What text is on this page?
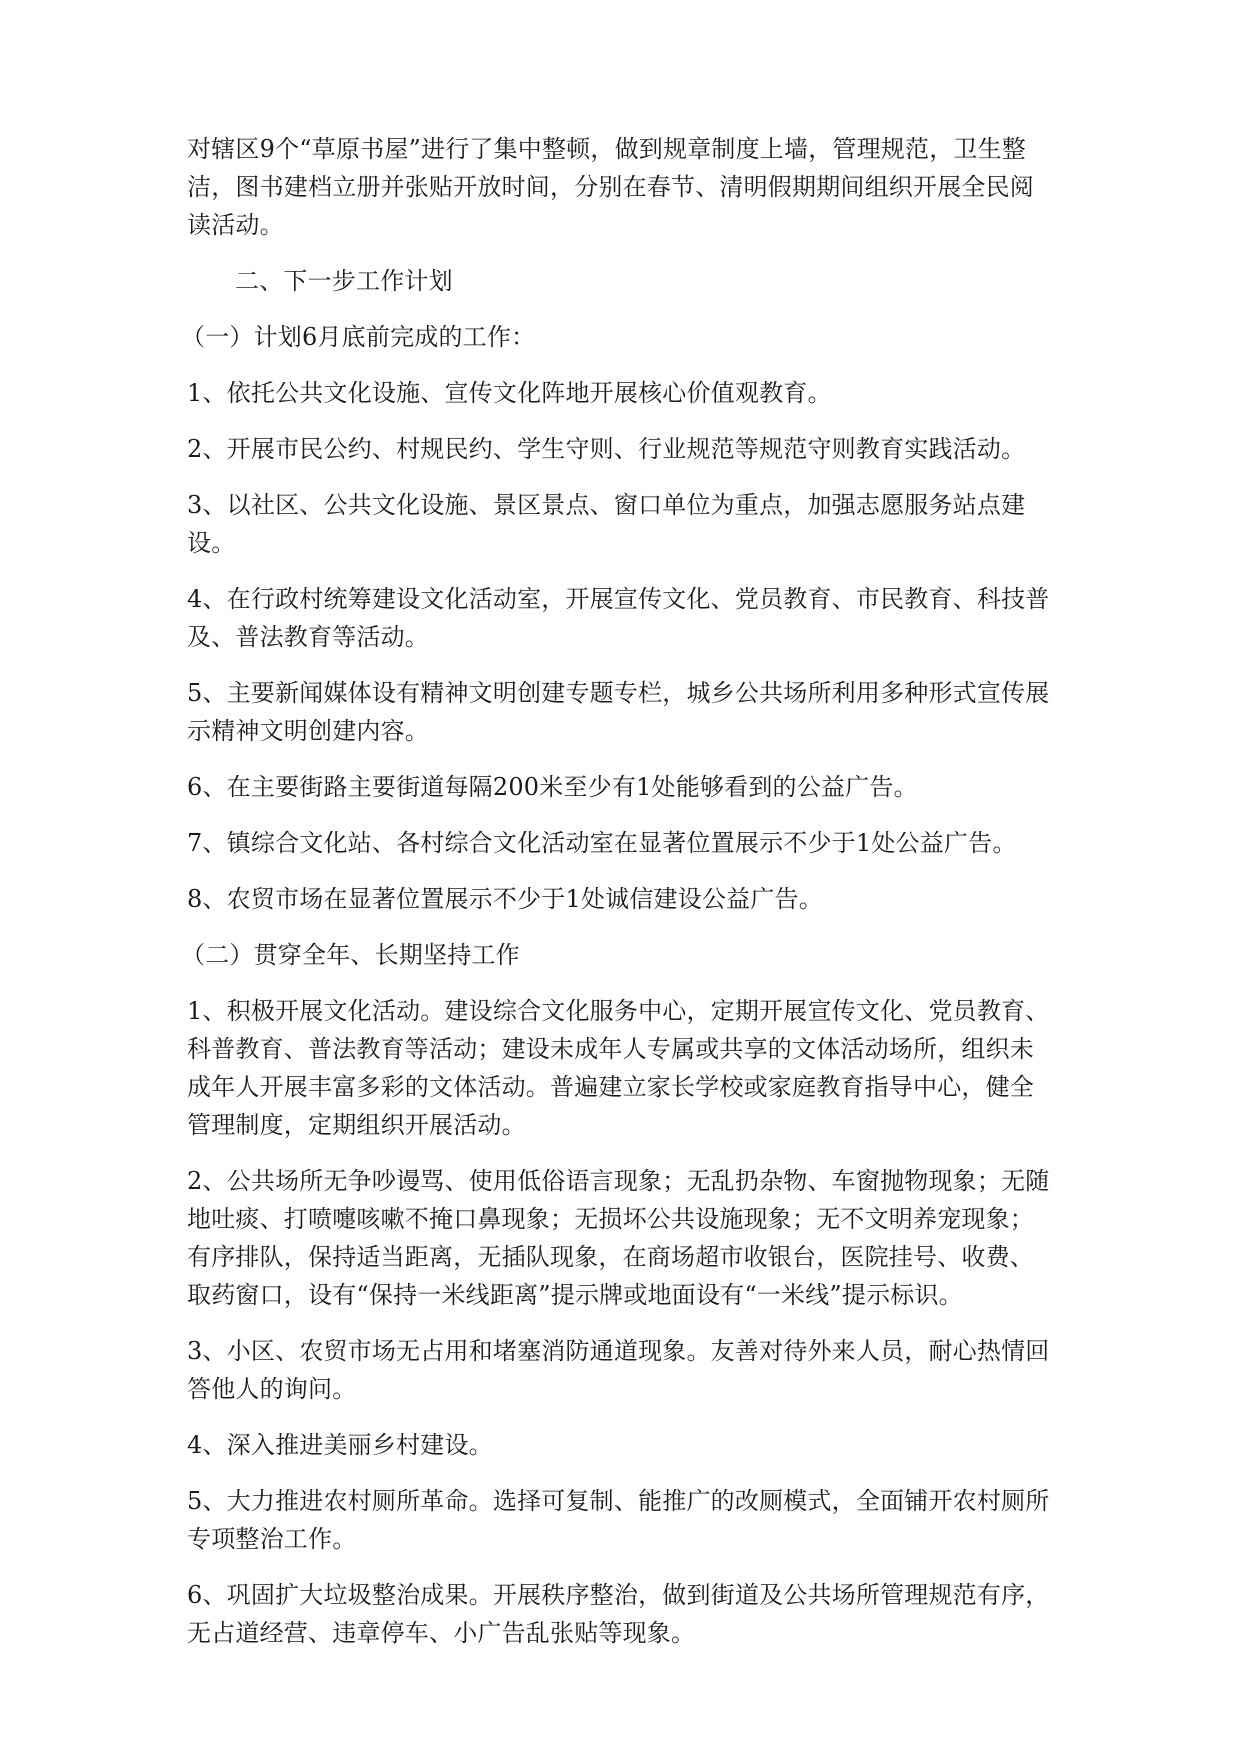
对辖区9个“草原书屋”进行了集中整顿，做到规章制度上墙，管理规范，卫生整洁，图书建档立册并张贴开放时间，分别在春节、清明假期期间组织开展全民阅读活动。

二、下一步工作计划

（一）计划6月底前完成的工作：

1、依托公共文化设施、宣传文化阵地开展核心价值观教育。

2、开展市民公约、村规民约、学生守则、行业规范等规范守则教育实践活动。

3、以社区、公共文化设施、景区景点、窗口单位为重点，加强志愿服务站点建设。

4、在行政村统筹建设文化活动室，开展宣传文化、党员教育、市民教育、科技普及、普法教育等活动。

5、主要新闻媒体设有精神文明创建专题专栏，城乡公共场所利用多种形式宣传展示精神文明创建内容。

6、在主要街路主要街道每隔200米至少有1处能够看到的公益广告。

7、镇综合文化站、各村综合文化活动室在显著位置展示不少于1处公益广告。

8、农贸市场在显著位置展示不少于1处诚信建设公益广告。

（二）贯穿全年、长期坚持工作

1、积极开展文化活动。建设综合文化服务中心，定期开展宣传文化、党员教育、科普教育、普法教育等活动；建设未成年人专属或共享的文体活动场所，组织未成年人开展丰富多彩的文体活动。普遍建立家长学校或家庭教育指导中心，健全管理制度，定期组织开展活动。

2、公共场所无争吵谩骂、使用低俗语言现象；无乱扔杂物、车窗抛物现象；无随地吐痰、打喷嚏咳嗽不掩口鼻现象；无损坏公共设施现象；无不文明养宠现象；有序排队，保持适当距离，无插队现象，在商场超市收银台，医院挂号、收费、取药窗口，设有“保持一米线距离”提示牌或地面设有“一米线”提示标识。

3、小区、农贸市场无占用和堵塞消防通道现象。友善对待外来人员，耐心热情回答他人的询问。

4、深入推进美丽乡村建设。

5、大力推进农村厕所革命。选择可复制、能推广的改厕模式，全面铺开农村厕所专项整治工作。

6、巩固扩大垃圾整治成果。开展秩序整治，做到街道及公共场所管理规范有序，无占道经营、违章停车、小广告乱张贴等现象。
